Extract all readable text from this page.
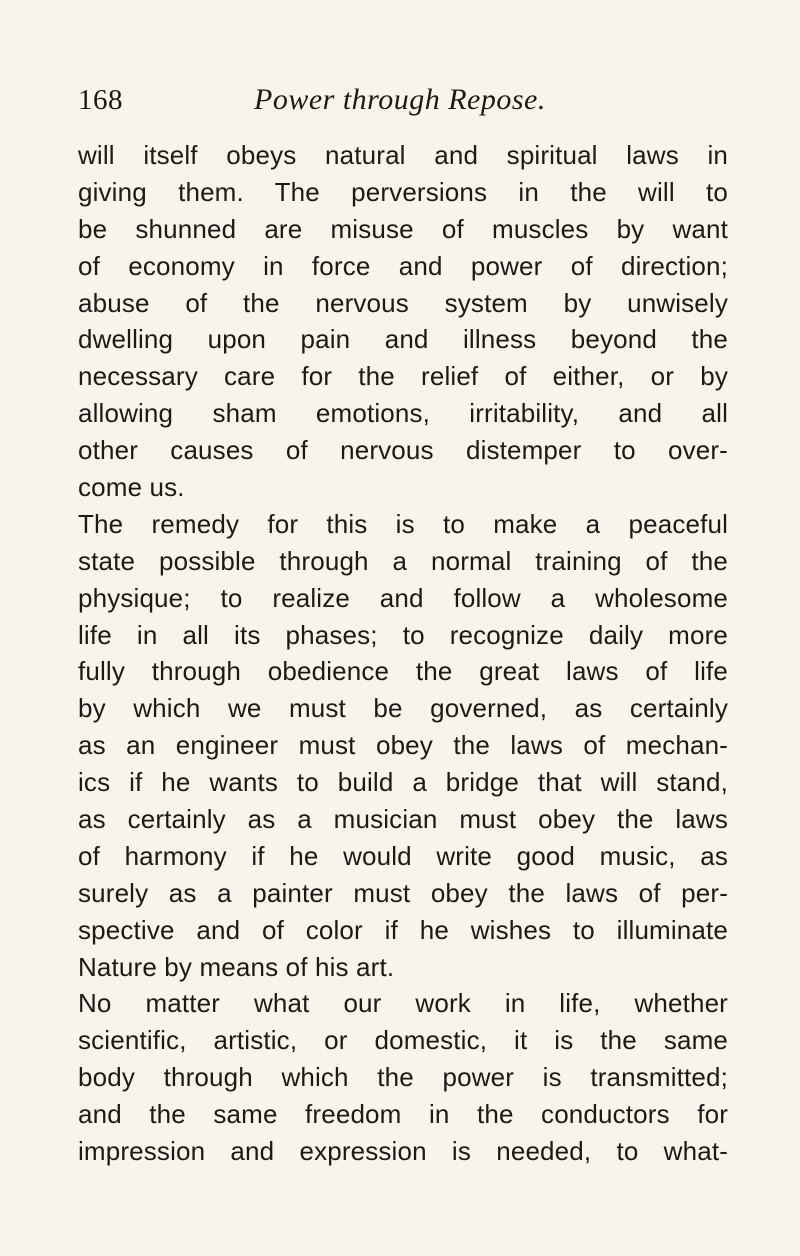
168	Power through Repose.
will itself obeys natural and spiritual laws in
giving them. The perversions in the will to
be shunned are misuse of muscles by want
of economy in force and power of direction;
abuse of the nervous system by unwisely
dwelling upon pain and illness beyond the
necessary care for the relief of either, or by
allowing sham emotions, irritability, and all
other causes of nervous distemper to over-
come us.
The remedy for this is to make a peaceful
state possible through a normal training of the
physique; to realize and follow a wholesome
life in all its phases; to recognize daily more
fully through obedience the great laws of life
by which we must be governed, as certainly
as an engineer must obey the laws of mechan-
ics if he wants to build a bridge that will stand,
as certainly as a musician must obey the laws
of harmony if he would write good music, as
surely as a painter must obey the laws of per-
spective and of color if he wishes to illuminate
Nature by means of his art.
No matter what our work in life, whether
scientific, artistic, or domestic, it is the same
body through which the power is transmitted;
and the same freedom in the conductors for
impression and expression is needed, to what-
